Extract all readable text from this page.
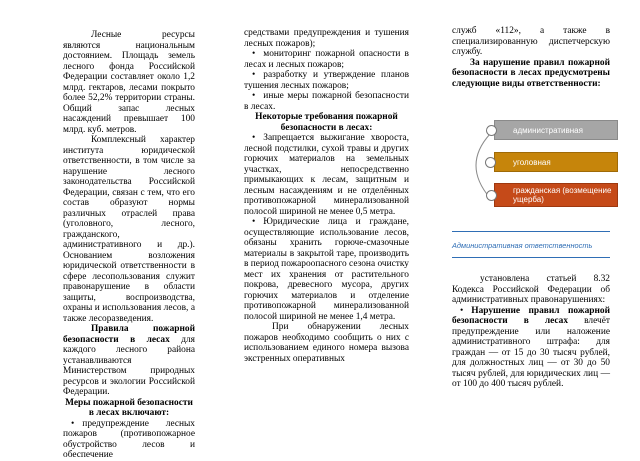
Лесные ресурсы являются национальным достоянием. Площадь земель лесного фонда Российской Федерации составляет около 1,2 млрд. гектаров, лесами покрыто более 52,2% территории страны. Общий запас лесных насаждений превышает 100 млрд. куб. метров.

Комплексный характер института юридической ответственности, в том числе за нарушение лесного законодательства Российской Федерации, связан с тем, что его состав образуют нормы различных отраслей права (уголовного, лесного, гражданского, административного и др.). Основанием возложения юридической ответственности в сфере лесопользования служит правонарушение в области защиты, воспроизводства, охраны и использования лесов, а также лесоразведения.

Правила пожарной безопасности в лесах для каждого лесного района устанавливаются Министерством природных ресурсов и экологии Российской Федерации.

Меры пожарной безопасности в лесах включают:

• предупреждение лесных пожаров (противопожарное обустройство лесов и обеспечение

средствами предупреждения и тушения лесных пожаров);

• мониторинг пожарной опасности в лесах и лесных пожаров;

• разработку и утверждение планов тушения лесных пожаров;

• иные меры пожарной безопасности в лесах.

Некоторые требования пожарной безопасности в лесах:

• Запрещается выжигание хвороста, лесной подстилки, сухой травы и других горючих материалов на земельных участках, непосредственно примыкающих к лесам, защитным и лесным насаждениям и не отделённых противопожарной минерализованной полосой шириной не менее 0,5 метра.

• Юридические лица и граждане, осуществляющие использование лесов, обязаны хранить горюче-смазочные материалы в закрытой таре, производить в период пожароопасного сезона очистку мест их хранения от растительного покрова, древесного мусора, других горючих материалов и отделение противопожарной минерализованной полосой шириной не менее 1,4 метра.

При обнаружении лесных пожаров необходимо сообщить о них с использованием единого номера вызова экстренных оперативных

служб «112», а также в специализированную диспетчерскую службу.

За нарушение правил пожарной безопасности в лесах предусмотрены следующие виды ответственности:

административная
уголовная
гражданская (возмещение ущерба)
Административная ответственность

установлена статьей 8.32 Кодекса Российской Федерации об административных правонарушениях:

• Нарушение правил пожарной безопасности в лесах влечёт предупреждение или наложение административного штрафа: для граждан — от 15 до 30 тысяч рублей, для должностных лиц — от 30 до 50 тысяч рублей, для юридических лиц — от 100 до 400 тысяч рублей.
